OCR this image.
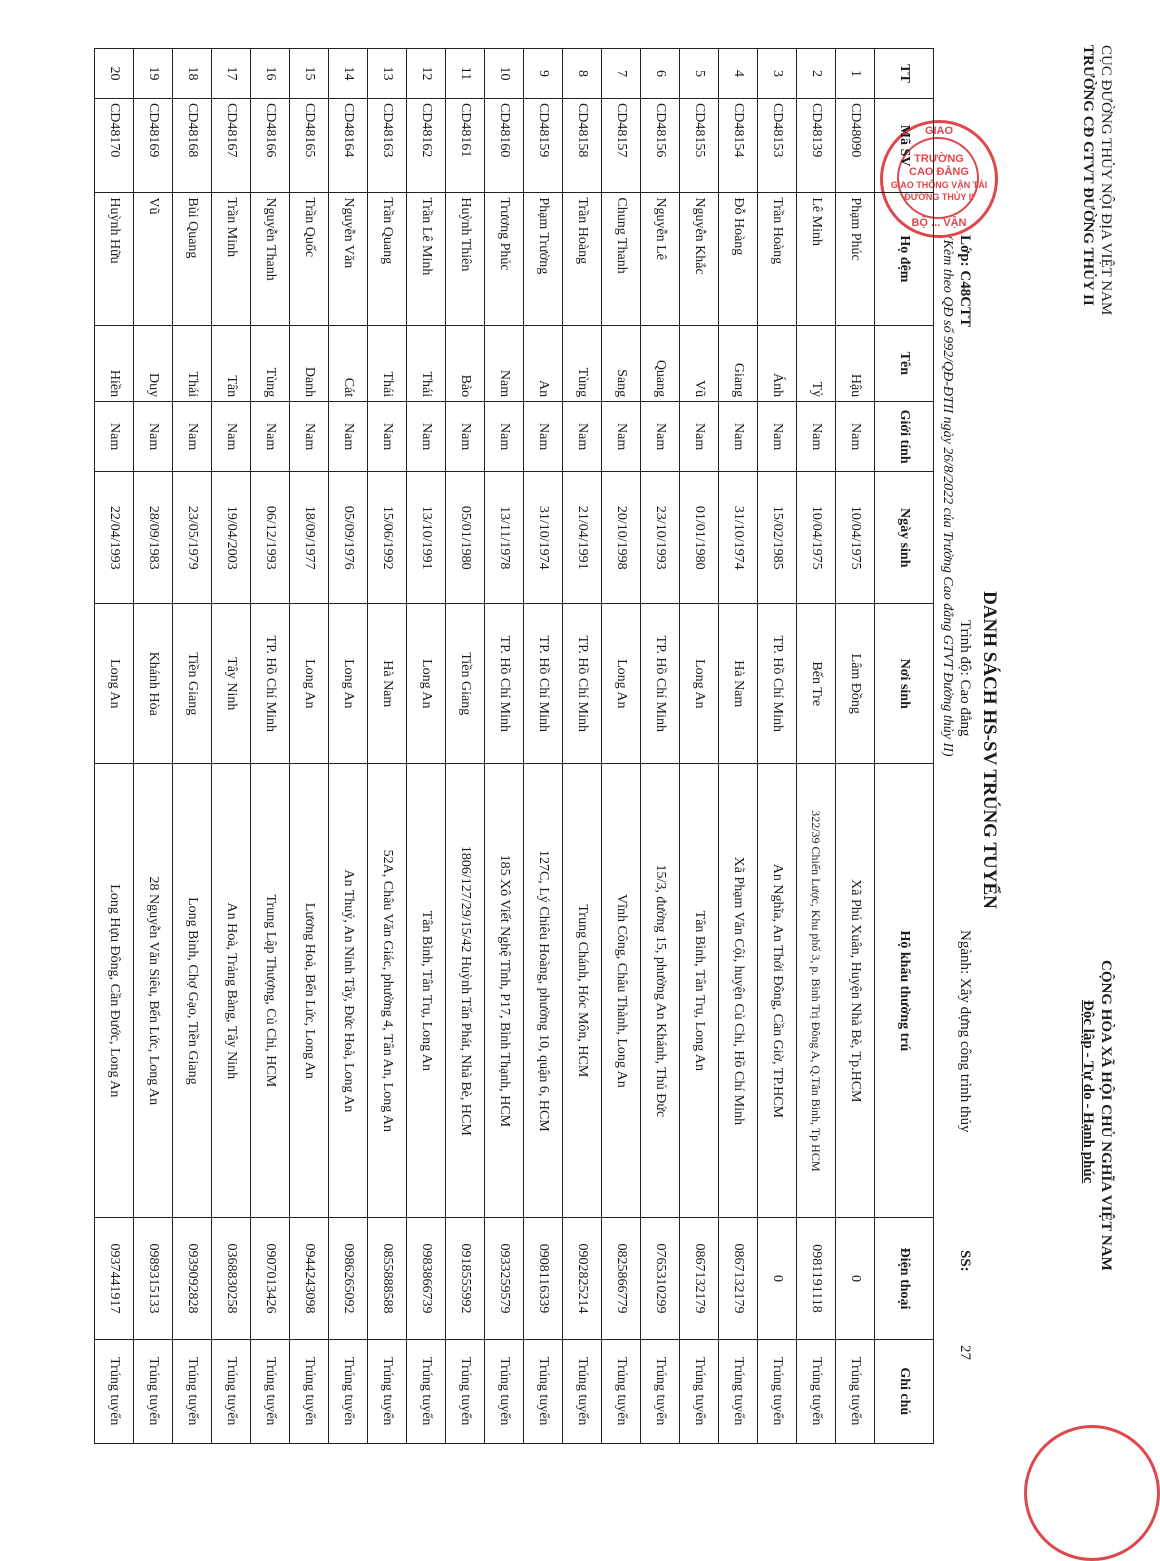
CỤC ĐƯỜNG THỦY NỘI ĐỊA VIỆT NAM
TRƯỜNG CĐ GTVT ĐƯỜNG THỦY II
CỘNG HÒA XÃ HỘI CHỦ NGHĨA VIỆT NAM
Độc lập - Tự do - Hạnh phúc
DANH SÁCH HS-SV TRÚNG TUYỂN
Lớp: C48CTT
Trình độ: Cao đẳng
Ngành: Xây dựng công trình thủy
SS:
27
(Kèm theo QĐ số 992/QĐ-ĐTII ngày 26/8/2022 của Trường Cao đẳng GTVT Đường thủy II)
GIAO
TRƯỜNG
CAO ĐẲNG
GIAO THÔNG VẬN TẢI
ĐƯỜNG THỦY II
BỘ ... VẬN
TT	Mã SV	Họ đệm	Tên	Giới tính	Ngày sinh	Nơi sinh	Hộ khẩu thường trú	Điện thoại	Ghi chú
1	CD48090	Phạm Phúc	Hậu	Nam	10/04/1975	Lâm Đồng	Xã Phú Xuân, Huyện Nhà Bè, Tp.HCM	0	Trúng tuyển
2	CD48139	Lê Minh	Tỷ	Nam	10/04/1975	Bến Tre	322/39 Chiến Lược, Khu phố 3, p. Bình Trị Đông A, Q.Tân Bình, Tp HCM	0981191118	Trúng tuyển
3	CD48153	Trần Hoàng	Ánh	Nam	15/02/1985	TP. Hồ Chí Minh	An Nghĩa, An Thới Đông, Cần Giờ, TP.HCM	0	Trúng tuyển
4	CD48154	Đỗ Hoàng	Giang	Nam	31/10/1974	Hà Nam	Xã Phạm Văn Cội, huyện Củ Chi, Hồ Chí Minh	0867132179	Trúng tuyển
5	CD48155	Nguyễn Khắc	Vũ	Nam	01/01/1980	Long An	Tân Bình, Tân Trụ, Long An	0867132179	Trúng tuyển
6	CD48156	Nguyễn Lê	Quang	Nam	23/10/1993	TP. Hồ Chí Minh	15/3, đường 15, phường An Khánh, Thủ Đức	0765310299	Trúng tuyển
7	CD48157	Chung Thanh	Sang	Nam	20/10/1998	Long An	Vĩnh Công, Châu Thành, Long An	0825866779	Trúng tuyển
8	CD48158	Trần Hoàng	Tùng	Nam	21/04/1991	TP. Hồ Chí Minh	Trung Chánh, Hóc Môn, HCM	0902825214	Trúng tuyển
9	CD48159	Phạm Trường	An	Nam	31/10/1974	TP. Hồ Chí Minh	127C, Lý Chiêu Hoàng, phường 10, quận 6, HCM	0908116339	Trúng tuyển
10	CD48160	Trương Phúc	Nam	Nam	13/11/1978	TP. Hồ Chí Minh	185 Xô Viết Nghệ Tĩnh, P17, Bình Thạnh, HCM	0933259579	Trúng tuyển
11	CD48161	Huỳnh Thiên	Bảo	Nam	05/01/1980	Tiền Giang	1806/127/29/15/42 Huỳnh Tấn Phát, Nhà Bè, HCM	0918555992	Trúng tuyển
12	CD48162	Trần Lê Minh	Thái	Nam	13/10/1991	Long An	Tân Bình, Tân Trụ, Long An	0983866739	Trúng tuyển
13	CD48163	Trần Quang	Thái	Nam	15/06/1992	Hà Nam	52A, Châu Văn Giác, phường 4, Tân An, Long An	0855888588	Trúng tuyển
14	CD48164	Nguyễn Văn	Cát	Nam	05/09/1976	Long An	An Thuỷ, An Ninh Tây, Đức Hoà, Long An	0986265092	Trúng tuyển
15	CD48165	Trần Quốc	Danh	Nam	18/09/1977	Long An	Lương Hoà, Bến Lức, Long An	0944243098	Trúng tuyển
16	CD48166	Nguyễn Thanh	Tùng	Nam	06/12/1993	TP. Hồ Chí Minh	Trung Lập Thượng, Củ Chi, HCM	0907013426	Trúng tuyển
17	CD48167	Trần Minh	Tân	Nam	19/04/2003	Tây Ninh	An Hoà, Trảng Bàng, Tây Ninh	0368830258	Trúng tuyển
18	CD48168	Bùi Quang	Thái	Nam	23/05/1979	Tiền Giang	Long Bình, Chợ Gạo, Tiền Giang	0939092828	Trúng tuyển
19	CD48169	Vũ	Duy	Nam	28/09/1983	Khánh Hòa	28 Nguyễn Văn Siêu, Bến Lức, Long An	0989315133	Trúng tuyển
20	CD48170	Huỳnh Hữu	Hiền	Nam	22/04/1993	Long An	Long Hựu Đông, Cần Đước, Long An	0937441917	Trúng tuyển
